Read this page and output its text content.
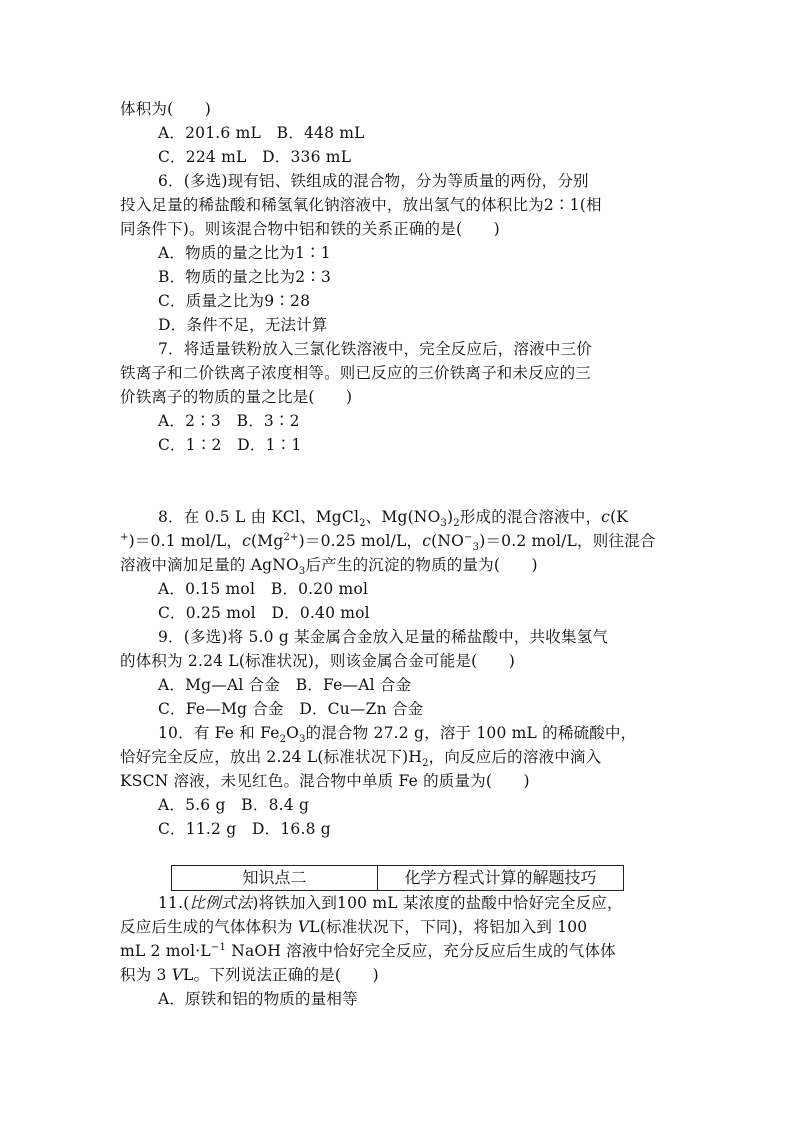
体积为(　　)
A．201.6 mL　B．448 mL
C．224 mL　D．336 mL
6．(多选)现有铝、铁组成的混合物，分为等质量的两份，分别
投入足量的稀盐酸和稀氢氧化钠溶液中，放出氢气的体积比为2∶1(相
同条件下)。则该混合物中铝和铁的关系正确的是(　　)
A．物质的量之比为1∶1
B．物质的量之比为2∶3
C．质量之比为9∶28
D．条件不足，无法计算
7．将适量铁粉放入三氯化铁溶液中，完全反应后，溶液中三价
铁离子和二价铁离子浓度相等。则已反应的三价铁离子和未反应的三
价铁离子的物质的量之比是(　　)
A．2∶3　B．3∶2
C．1∶2　D．1∶1
8．在 0.5 L 由 KCl、MgCl$_2$、$Mg(NO_3)_2$形成的混合溶液中，c(K
+)＝0.1 mol/L，$c(Mg^{2+})=0.25$ mol/L，$c(NO^-_3)=0.2$ mol/L，则往混合
溶液中滴加足量的 AgNO$_3$后产生的沉淀的物质的量为(　　)
A．0.15 mol　B．0.20 mol
C．0.25 mol　D．0.40 mol
9．(多选)将 5.0 g 某金属合金放入足量的稀盐酸中，共收集氢气
的体积为 2.24 L(标准状况)，则该金属合金可能是(　　)
A．Mg—Al 合金　B．Fe—Al 合金
C．Fe—Mg 合金　D．Cu—Zn 合金
10．有 Fe 和 $Fe_2O_3$的混合物 27.2 g，溶于 100 mL 的稀硫酸中，
恰好完全反应，放出 2.24 L(标准状况下)$H_2$，向反应后的溶液中滴入
KSCN 溶液，未见红色。混合物中单质 Fe 的质量为(　　)
A．5.6 g　B．8.4 g
C．11.2 g　D．16.8 g
知识点二	化学方程式计算的解题技巧
11.(比例式法)将铁加入到100 mL 某浓度的盐酸中恰好完全反应，
反应后生成的气体体积为 VL(标准状况下，下同)，将铝加入到 100
mL 2 $mol\cdot L^{-1}$ NaOH 溶液中恰好完全反应，充分反应后生成的气体体
积为 3 VL。下列说法正确的是(　　)
A．原铁和铝的物质的量相等
